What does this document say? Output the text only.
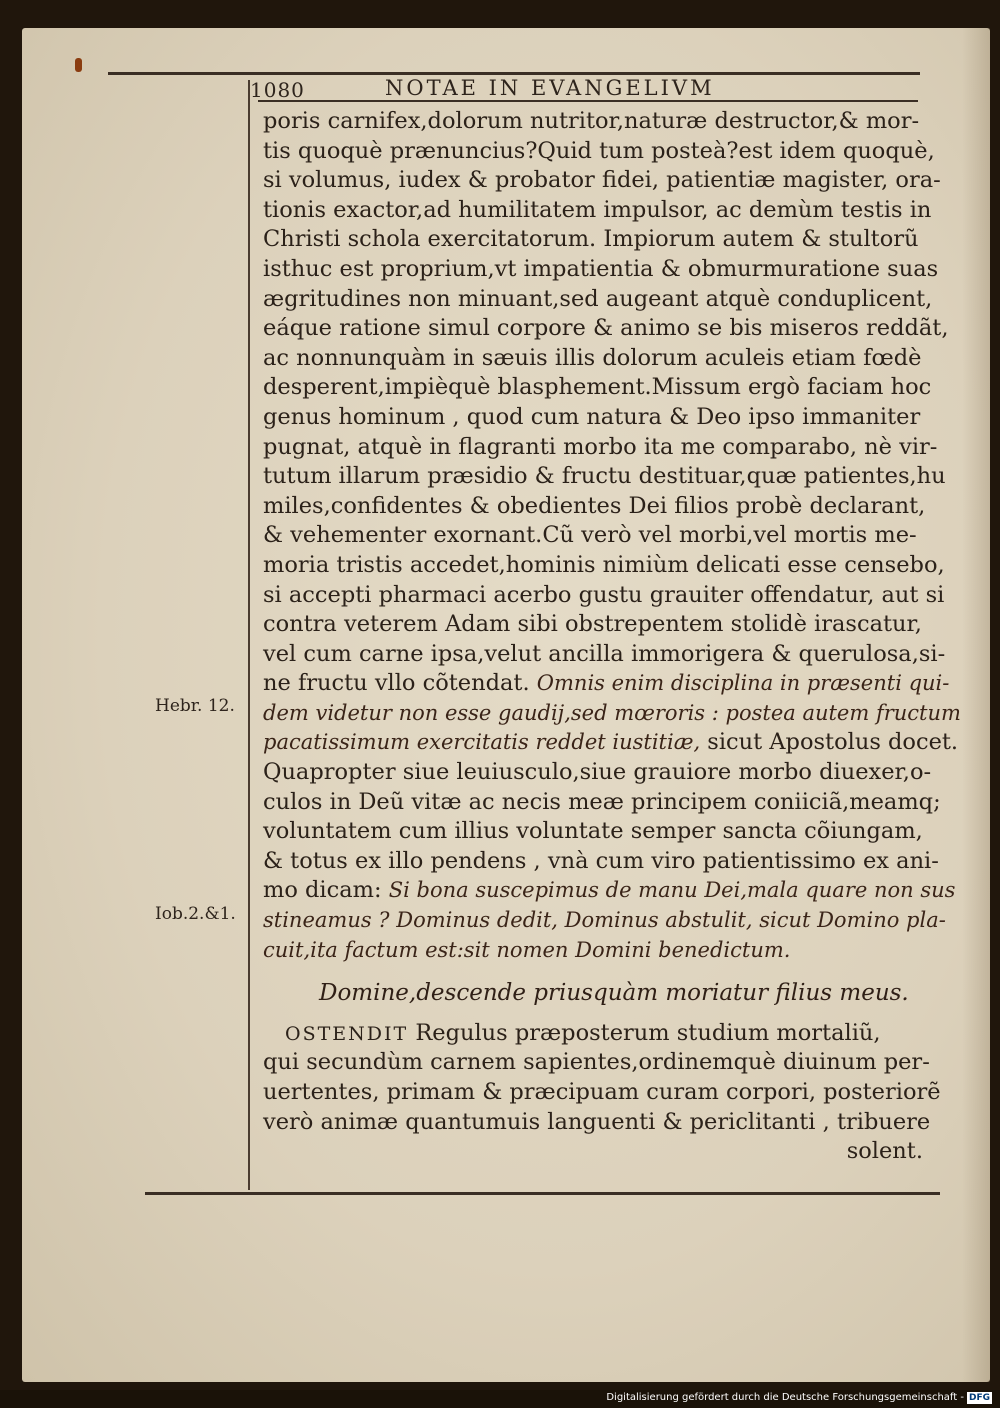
1080	NOTAE IN EVANGELIVM
Hebr. 12.
Iob.2.&1.
poris carnifex,dolorum nutritor,naturæ destructor,& mor-
tis quoquè prænuncius?Quid tum posteà?est idem quoquè,
si volumus, iudex & probator fidei, patientiæ magister, ora-
tionis exactor,ad humilitatem impulsor, ac demùm testis in
Christi schola exercitatorum. Impiorum autem & stultorũ
isthuc est proprium,vt impatientia & obmurmuratione suas
ægritudines non minuant,sed augeant atquè conduplicent,
eáque ratione simul corpore & animo se bis miseros reddãt,
ac nonnunquàm in sæuis illis dolorum aculeis etiam fœdè
desperent,impièquè blasphement.Missum ergò faciam hoc
genus hominum , quod cum natura & Deo ipso immaniter
pugnat, atquè in flagranti morbo ita me comparabo, nè vir-
tutum illarum præsidio & fructu destituar,quæ patientes,hu
miles,confidentes & obedientes Dei filios probè declarant,
& vehementer exornant.Cũ verò vel morbi,vel mortis me-
moria tristis accedet,hominis nimiùm delicati esse censebo,
si accepti pharmaci acerbo gustu grauiter offendatur, aut si
contra veterem Adam sibi obstrepentem stolidè irascatur,
vel cum carne ipsa,velut ancilla immorigera & querulosa,si-
ne fructu vllo cõtendat. Omnis enim disciplina in præsenti qui-
dem videtur non esse gaudij,sed mœroris : postea autem fructum
pacatissimum exercitatis reddet iustitiæ, sicut Apostolus docet.
Quapropter siue leuiusculo,siue grauiore morbo diuexer,o-
culos in Deũ vitæ ac necis meæ principem coniiciã,meamq;
voluntatem cum illius voluntate semper sancta cõiungam,
& totus ex illo pendens , vnà cum viro patientissimo ex ani-
mo dicam: Si bona suscepimus de manu Dei,mala quare non sus
stineamus ? Dominus dedit, Dominus abstulit, sicut Domino pla-
cuit,ita factum est:sit nomen Domini benedictum.
Domine,descende priusquàm moriatur filius meus.
OSTENDIT Regulus præposterum studium mortaliũ,
qui secundùm carnem sapientes,ordinemquè diuinum per-
uertentes, primam & præcipuam curam corpori, posteriorẽ
verò animæ quantumuis languenti & periclitanti , tribuere
solent.
Digitalisierung gefördert durch die Deutsche Forschungsgemeinschaft - DFG
